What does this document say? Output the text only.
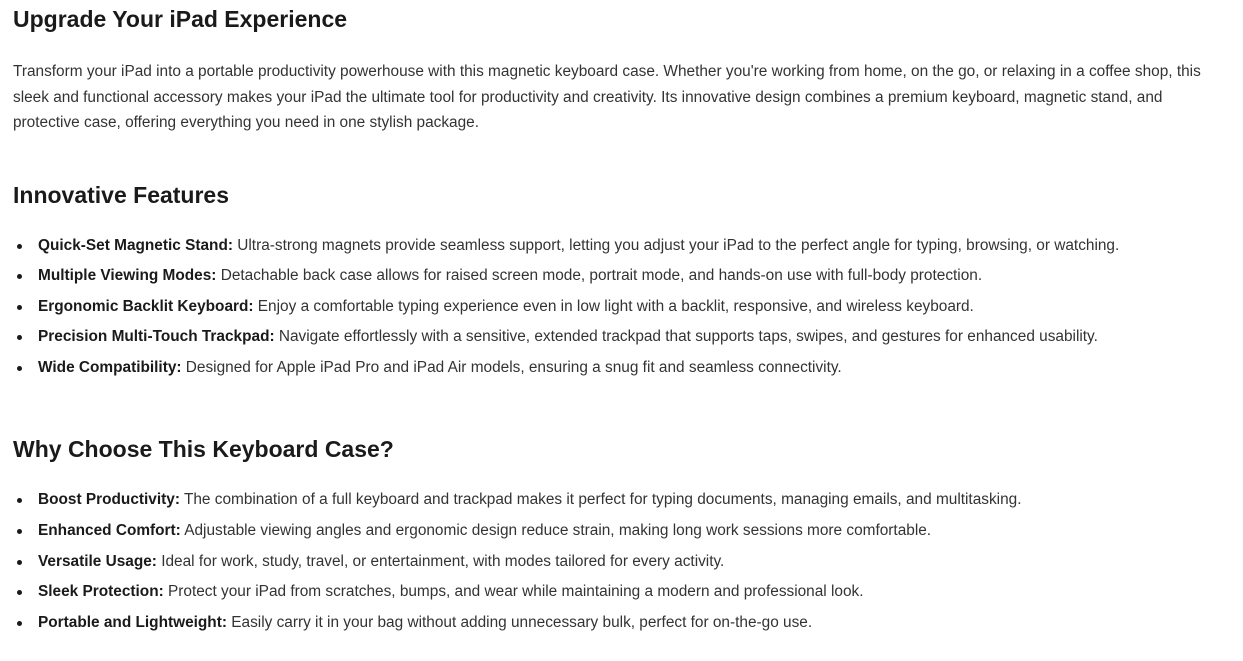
Upgrade Your iPad Experience

Transform your iPad into a portable productivity powerhouse with this magnetic keyboard case. Whether you're working from home, on the go, or relaxing in a coffee shop, this sleek and functional accessory makes your iPad the ultimate tool for productivity and creativity. Its innovative design combines a premium keyboard, magnetic stand, and protective case, offering everything you need in one stylish package.

Innovative Features
Quick-Set Magnetic Stand: Ultra-strong magnets provide seamless support, letting you adjust your iPad to the perfect angle for typing, browsing, or watching.
Multiple Viewing Modes: Detachable back case allows for raised screen mode, portrait mode, and hands-on use with full-body protection.
Ergonomic Backlit Keyboard: Enjoy a comfortable typing experience even in low light with a backlit, responsive, and wireless keyboard.
Precision Multi-Touch Trackpad: Navigate effortlessly with a sensitive, extended trackpad that supports taps, swipes, and gestures for enhanced usability.
Wide Compatibility: Designed for Apple iPad Pro and iPad Air models, ensuring a snug fit and seamless connectivity.
Why Choose This Keyboard Case?
Boost Productivity: The combination of a full keyboard and trackpad makes it perfect for typing documents, managing emails, and multitasking.
Enhanced Comfort: Adjustable viewing angles and ergonomic design reduce strain, making long work sessions more comfortable.
Versatile Usage: Ideal for work, study, travel, or entertainment, with modes tailored for every activity.
Sleek Protection: Protect your iPad from scratches, bumps, and wear while maintaining a modern and professional look.
Portable and Lightweight: Easily carry it in your bag without adding unnecessary bulk, perfect for on-the-go use.
